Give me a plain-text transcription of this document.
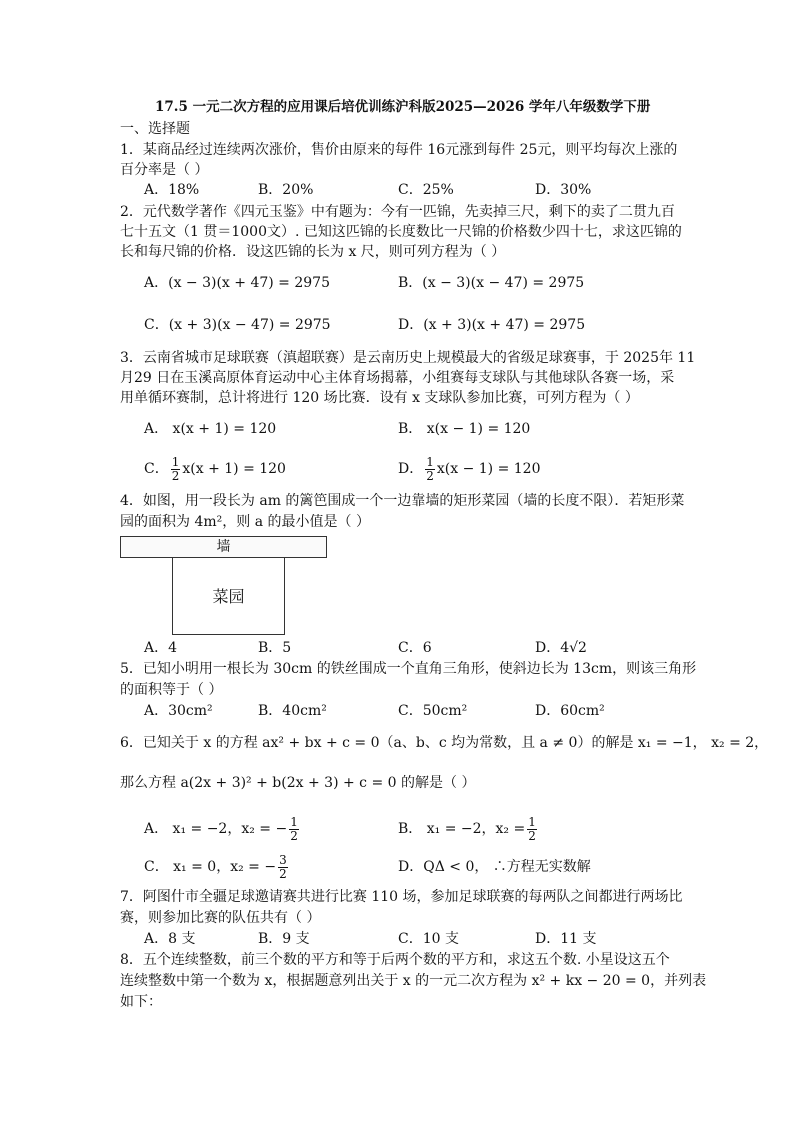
17.5 一元二次方程的应用课后培优训练沪科版2025—2026 学年八年级数学下册
一、选择题
1．某商品经过连续两次涨价，售价由原来的每件 16元涨到每件 25元，则平均每次上涨的
百分率是（ ）
A．18%	B．20%	C．25%	D．30%
2．元代数学著作《四元玉鉴》中有题为：今有一匹锦，先卖掉三尺，剩下的卖了二贯九百
七十五文（1 贯＝1000文）. 已知这匹锦的长度数比一尺锦的价格数少四十七，求这匹锦的
长和每尺锦的价格．设这匹锦的长为 x 尺，则可列方程为（ ）
A．(x − 3)(x + 47) = 2975	B．(x − 3)(x − 47) = 2975
C．(x + 3)(x − 47) = 2975	D．(x + 3)(x + 47) = 2975
3．云南省城市足球联赛（滇超联赛）是云南历史上规模最大的省级足球赛事，于 2025年 11
月29 日在玉溪高原体育运动中心主体育场揭幕，小组赛每支球队与其他球队各赛一场，采
用单循环赛制，总计将进行 120 场比赛．设有 x 支球队参加比赛，可列方程为（ ）
A． x(x + 1) = 120	B． x(x − 1) = 120
C． $\frac{1}{2} x(x + 1) = 120$	D． $\frac{1}{2} x(x - 1) = 120$
4．如图，用一段长为 am 的篱笆围成一个一边靠墙的矩形菜园（墙的长度不限）．若矩形菜
园的面积为 4m²，则 a 的最小值是（ ）
墙
菜园
A．4	B．5	C．6	D．4√2
5．已知小明用一根长为 30cm 的铁丝围成一个直角三角形，使斜边长为 13cm，则该三角形
的面积等于（ ）
A．30cm²	B．40cm²	C．50cm²	D．60cm²
6．已知关于 x 的方程 ax² + bx + c = 0（a、b、c 均为常数，且 a ≠ 0）的解是 x₁ = −1， x₂ = 2，
那么方程 a(2x + 3)² + b(2x + 3) + c = 0 的解是（ ）
A． x₁ = −2，x₂ = − $\frac{1}{2}$	B． x₁ = −2，$x_2 = \frac{1}{2}$
C． x₁ = 0，x₂ = − $\frac{3}{2}$	D．QΔ < 0， ∴方程无实数解
7．阿图什市全疆足球邀请赛共进行比赛 110 场，参加足球联赛的每两队之间都进行两场比
赛，则参加比赛的队伍共有（ ）
A．8 支	B．9 支	C．10 支	D．11 支
8．五个连续整数，前三个数的平方和等于后两个数的平方和，求这五个数. 小星设这五个
连续整数中第一个数为 x，根据题意列出关于 x 的一元二次方程为 x² + kx − 20 = 0，并列表
如下：
